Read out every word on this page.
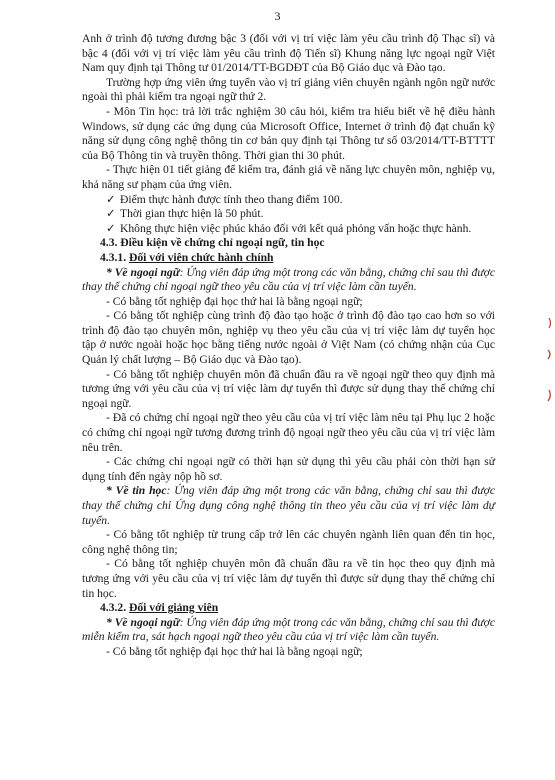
3

Anh ở trình độ tương đương bậc 3 (đối với vị trí việc làm yêu cầu trình độ Thạc sĩ) và bậc 4 (đối với vị trí việc làm yêu cầu trình độ Tiến sĩ) Khung năng lực ngoại ngữ Việt Nam quy định tại Thông tư 01/2014/TT-BGDĐT của Bộ Giáo dục và Đào tạo.

Trường hợp ứng viên ứng tuyển vào vị trí giảng viên chuyên ngành ngôn ngữ nước ngoài thì phải kiểm tra ngoại ngữ thứ 2.

- Môn Tin học: trả lời trắc nghiệm 30 câu hỏi, kiểm tra hiểu biết về hệ điều hành Windows, sử dụng các ứng dụng của Microsoft Office, Internet ở trình độ đạt chuẩn kỹ năng sử dụng công nghệ thông tin cơ bản quy định tại Thông tư số 03/2014/TT-BTTTT của Bộ Thông tin và truyền thông. Thời gian thi 30 phút.

- Thực hiện 01 tiết giảng để kiểm tra, đánh giá về năng lực chuyên môn, nghiệp vụ, khả năng sư phạm của ứng viên.

✓ Điểm thực hành được tính theo thang điểm 100.

✓ Thời gian thực hiện là 50 phút.

✓ Không thực hiện việc phúc khảo đối với kết quả phỏng vấn hoặc thực hành.

4.3. Điều kiện về chứng chỉ ngoại ngữ, tin học

4.3.1. Đối với viên chức hành chính

* Về ngoại ngữ: Ứng viên đáp ứng một trong các văn bằng, chứng chỉ sau thì được thay thế chứng chỉ ngoại ngữ theo yêu cầu của vị trí việc làm cần tuyển.

- Có bằng tốt nghiệp đại học thứ hai là bằng ngoại ngữ;

- Có bằng tốt nghiệp cùng trình độ đào tạo hoặc ở trình độ đào tạo cao hơn so với trình độ đào tạo chuyên môn, nghiệp vụ theo yêu cầu của vị trí việc làm dự tuyển học tập ở nước ngoài hoặc học bằng tiếng nước ngoài ở Việt Nam (có chứng nhận của Cục Quản lý chất lượng – Bộ Giáo dục và Đào tạo).

- Có bằng tốt nghiệp chuyên môn đã chuẩn đầu ra về ngoại ngữ theo quy định mà tương ứng với yêu cầu của vị trí việc làm dự tuyển thì được sử dụng thay thế chứng chỉ ngoại ngữ.

- Đã có chứng chỉ ngoại ngữ theo yêu cầu của vị trí việc làm nêu tại Phụ lục 2 hoặc có chứng chỉ ngoại ngữ tương đương trình độ ngoại ngữ theo yêu cầu của vị trí việc làm nêu trên.

- Các chứng chỉ ngoại ngữ có thời hạn sử dụng thì yêu cầu phải còn thời hạn sử dụng tính đến ngày nộp hồ sơ.

* Về tin học: Ứng viên đáp ứng một trong các văn bằng, chứng chỉ sau thì được thay thế chứng chỉ Ứng dụng công nghệ thông tin theo yêu cầu của vị trí việc làm dự tuyển.

- Có bằng tốt nghiệp từ trung cấp trở lên các chuyên ngành liên quan đến tin học, công nghệ thông tin;

- Có bằng tốt nghiệp chuyên môn đã chuẩn đầu ra về tin học theo quy định mà tương ứng với yêu cầu của vị trí việc làm dự tuyển thì được sử dụng thay thế chứng chỉ tin học.

4.3.2. Đối với giảng viên

* Về ngoại ngữ: Ứng viên đáp ứng một trong các văn bằng, chứng chỉ sau thì được miễn kiểm tra, sát hạch ngoại ngữ theo yêu cầu của vị trí việc làm cần tuyển.

- Có bằng tốt nghiệp đại học thứ hai là bằng ngoại ngữ;
